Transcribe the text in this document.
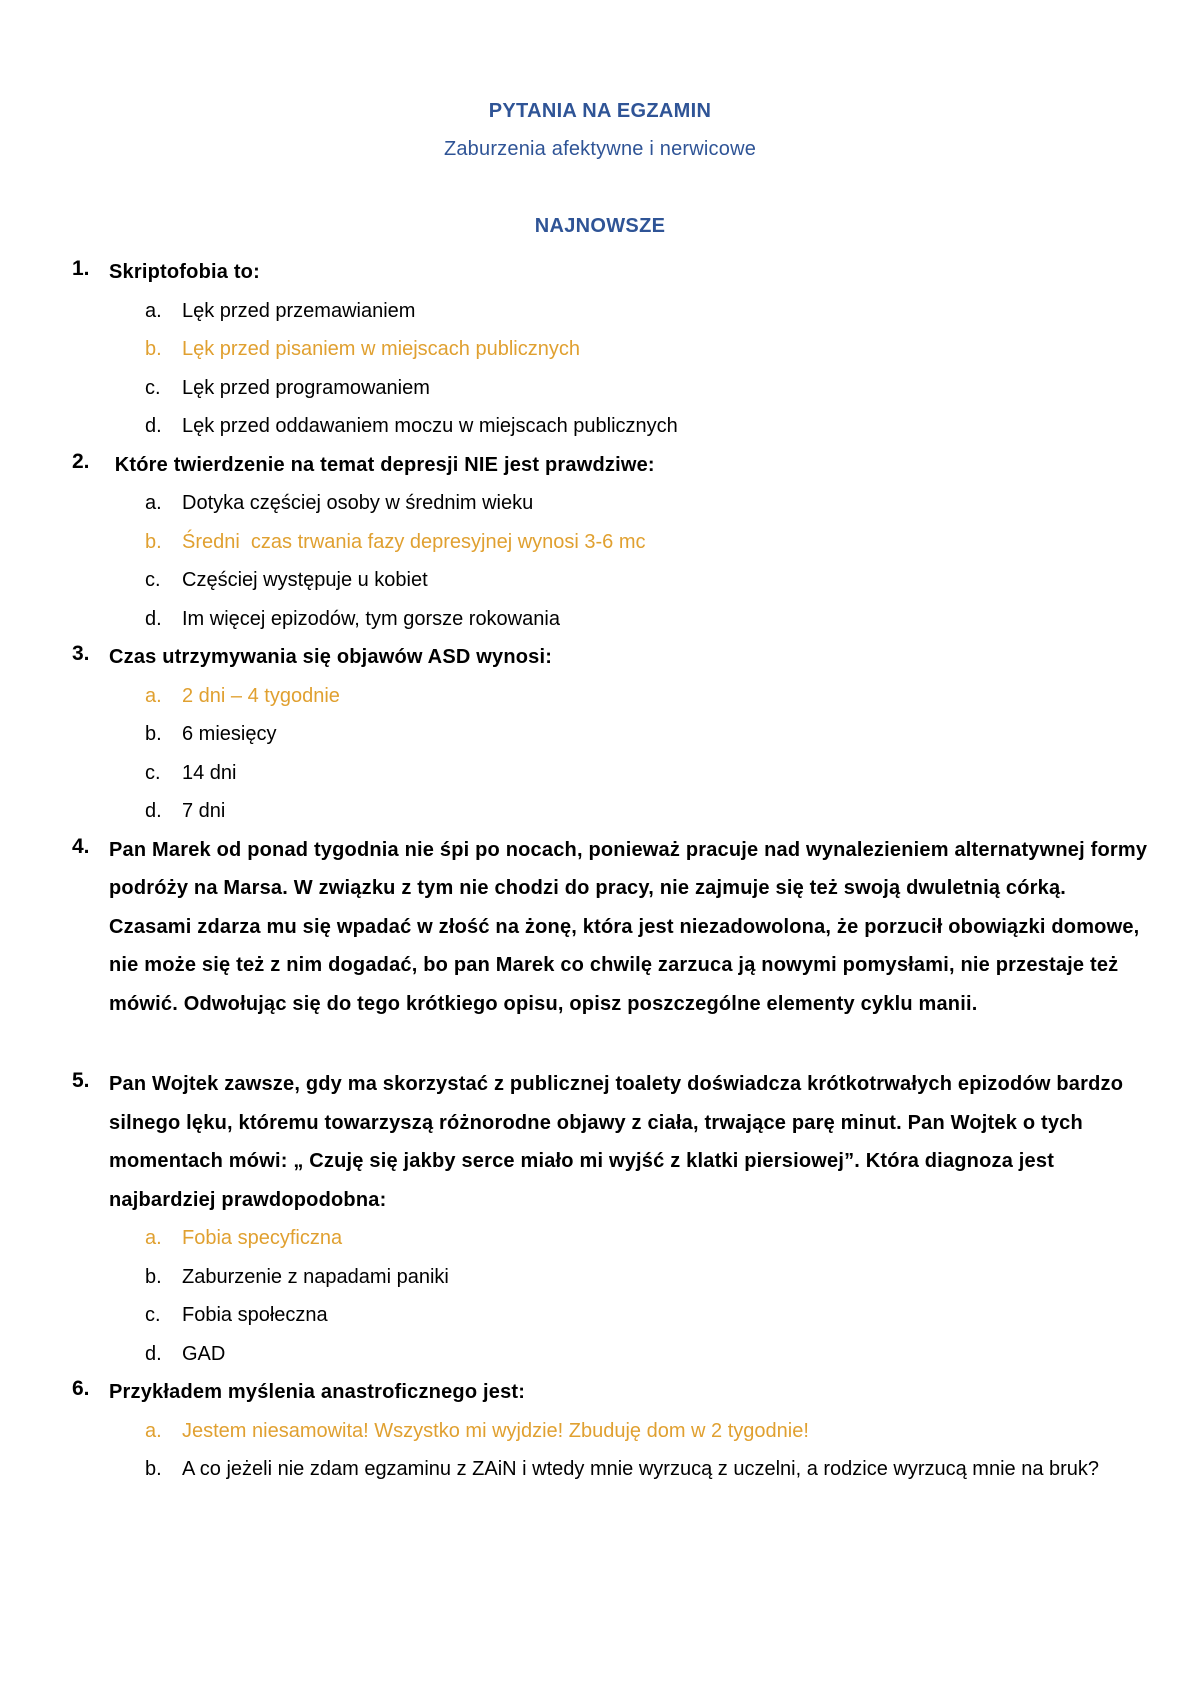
PYTANIA NA EGZAMIN
Zaburzenia afektywne i nerwicowe
NAJNOWSZE
1. Skriptofobia to:
a. Lęk przed przemawianiem
b. Lęk przed pisaniem w miejscach publicznych
c. Lęk przed programowaniem
d. Lęk przed oddawaniem moczu w miejscach publicznych
2. Które twierdzenie na temat depresji NIE jest prawdziwe:
a. Dotyka częściej osoby w średnim wieku
b. Średni  czas trwania fazy depresyjnej wynosi 3-6 mc
c. Częściej występuje u kobiet
d. Im więcej epizodów, tym gorsze rokowania
3. Czas utrzymywania się objawów ASD wynosi:
a. 2 dni – 4 tygodnie
b. 6 miesięcy
c. 14 dni
d. 7 dni
4. Pan Marek od ponad tygodnia nie śpi po nocach, ponieważ pracuje nad wynalezieniem alternatywnej formy podróży na Marsa. W związku z tym nie chodzi do pracy, nie zajmuje się też swoją dwuletnią córką. Czasami zdarza mu się wpadać w złość na żonę, która jest niezadowolona, że porzucił obowiązki domowe, nie może się też z nim dogadać, bo pan Marek co chwilę zarzuca ją nowymi pomysłami, nie przestaje też mówić. Odwołując się do tego krótkiego opisu, opisz poszczególne elementy cyklu manii.
5. Pan Wojtek zawsze, gdy ma skorzystać z publicznej toalety doświadcza krótkotrwałych epizodów bardzo silnego lęku, któremu towarzyszą różnorodne objawy z ciała, trwające parę minut. Pan Wojtek o tych momentach mówi: „ Czuję się jakby serce miało mi wyjść z klatki piersiowej”. Która diagnoza jest najbardziej prawdopodobna:
a. Fobia specyficzna
b. Zaburzenie z napadami paniki
c. Fobia społeczna
d. GAD
6. Przykładem myślenia anastroficznego jest:
a. Jestem niesamowita! Wszystko mi wyjdzie! Zbuduję dom w 2 tygodnie!
b. A co jeżeli nie zdam egzaminu z ZAiN i wtedy mnie wyrzucą z uczelni, a rodzice wyrzucą mnie na bruk?
